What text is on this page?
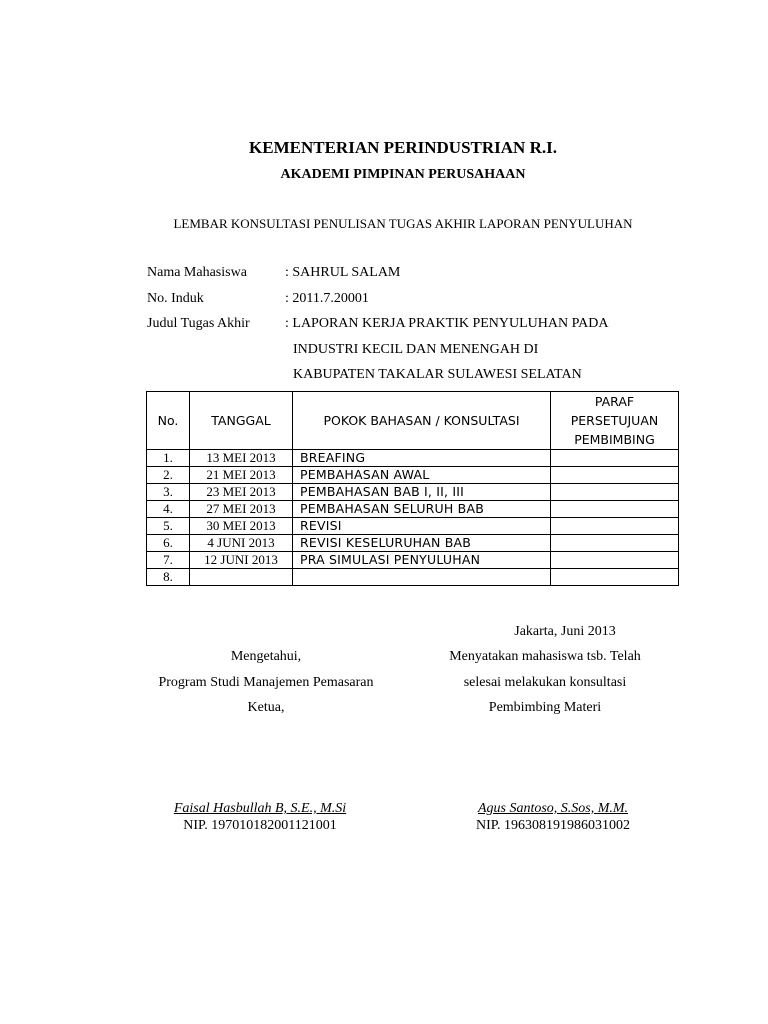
KEMENTERIAN PERINDUSTRIAN R.I.
AKADEMI PIMPINAN PERUSAHAAN
LEMBAR KONSULTASI PENULISAN TUGAS AKHIR LAPORAN PENYULUHAN
Nama Mahasiswa	: SAHRUL SALAM
No. Induk	: 2011.7.20001
Judul Tugas Akhir	: LAPORAN KERJA PRAKTIK PENYULUHAN PADA
INDUSTRI KECIL DAN MENENGAH DI
KABUPATEN TAKALAR SULAWESI SELATAN
No.	TANGGAL	POKOK BAHASAN / KONSULTASI	PARAF
PERSETUJUAN
PEMBIMBING

1.	13 MEI 2013	BREAFING	
2.	21 MEI 2013	PEMBAHASAN AWAL	
3.	23 MEI 2013	PEMBAHASAN BAB I, II, III	
4.	27 MEI 2013	PEMBAHASAN SELURUH BAB	
5.	30 MEI 2013	REVISI	
6.	4 JUNI 2013	REVISI KESELURUHAN BAB	
7.	12 JUNI 2013	PRA SIMULASI PENYULUHAN	
8.			
Jakarta, Juni 2013
Mengetahui,
Program Studi Manajemen Pemasaran
Ketua,
Menyatakan mahasiswa tsb. Telah
selesai melakukan konsultasi
Pembimbing Materi
Faisal Hasbullah B, S.E., M.Si
NIP. 197010182001121001
Agus Santoso, S.Sos, M.M.
NIP. 196308191986031002
